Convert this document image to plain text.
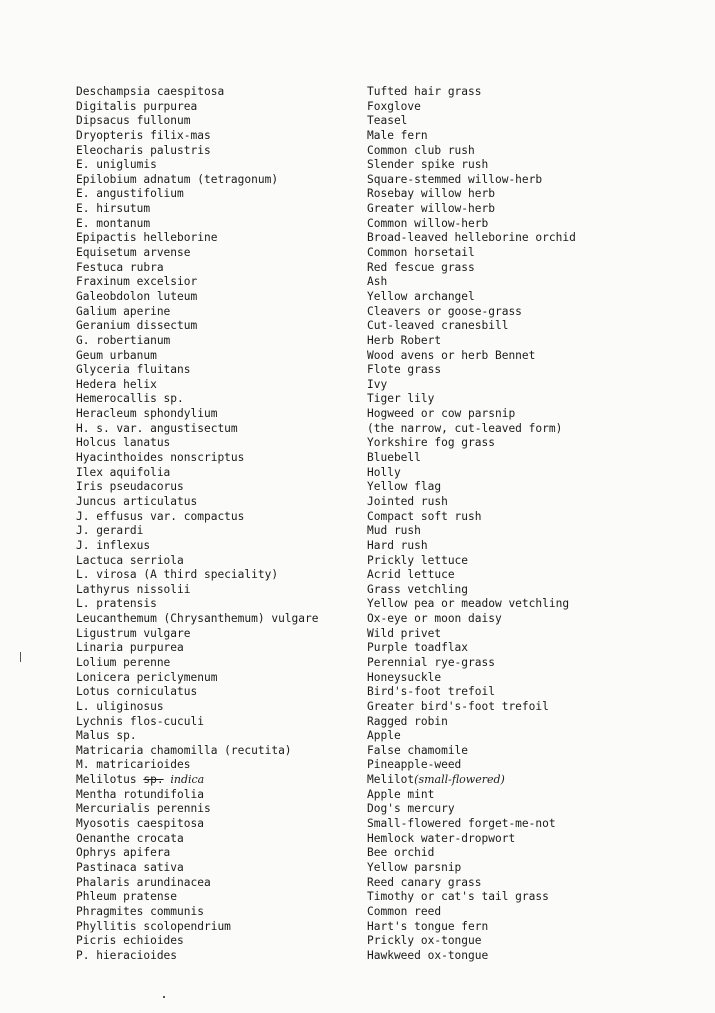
Deschampsia caespitosa
Digitalis purpurea
Dipsacus fullonum
Dryopteris filix-mas
Eleocharis palustris
E. uniglumis
Epilobium adnatum (tetragonum)
E. angustifolium
E. hirsutum
E. montanum
Epipactis helleborine
Equisetum arvense
Festuca rubra
Fraxinum excelsior
Galeobdolon luteum
Galium aperine
Geranium dissectum
G. robertianum
Geum urbanum
Glyceria fluitans
Hedera helix
Hemerocallis sp.
Heracleum sphondylium
H. s. var. angustisectum
Holcus lanatus
Hyacinthoides nonscriptus
Ilex aquifolia
Iris pseudacorus
Juncus articulatus
J. effusus var. compactus
J. gerardi
J. inflexus
Lactuca serriola
L. virosa (A third speciality)
Lathyrus nissolii
L. pratensis
Leucanthemum (Chrysanthemum) vulgare
Ligustrum vulgare
Linaria purpurea
Lolium perenne
Lonicera periclymenum
Lotus corniculatus
L. uliginosus
Lychnis flos-cuculi
Malus sp.
Matricaria chamomilla (recutita)
M. matricarioides
Melilotus sp. indica
Mentha rotundifolia
Mercurialis perennis
Myosotis caespitosa
Oenanthe crocata
Ophrys apifera
Pastinaca sativa
Phalaris arundinacea
Phleum pratense
Phragmites communis
Phyllitis scolopendrium
Picris echioides
P. hieracioides
Tufted hair grass
Foxglove
Teasel
Male fern
Common club rush
Slender spike rush
Square-stemmed willow-herb
Rosebay willow herb
Greater willow-herb
Common willow-herb
Broad-leaved helleborine orchid
Common horsetail
Red fescue grass
Ash
Yellow archangel
Cleavers or goose-grass
Cut-leaved cranesbill
Herb Robert
Wood avens or herb Bennet
Flote grass
Ivy
Tiger lily
Hogweed or cow parsnip
(the narrow, cut-leaved form)
Yorkshire fog grass
Bluebell
Holly
Yellow flag
Jointed rush
Compact soft rush
Mud rush
Hard rush
Prickly lettuce
Acrid lettuce
Grass vetchling
Yellow pea or meadow vetchling
Ox-eye or moon daisy
Wild privet
Purple toadflax
Perennial rye-grass
Honeysuckle
Bird's-foot trefoil
Greater bird's-foot trefoil
Ragged robin
Apple
False chamomile
Pineapple-weed
Melilot(small-flowered)
Apple mint
Dog's mercury
Small-flowered forget-me-not
Hemlock water-dropwort
Bee orchid
Yellow parsnip
Reed canary grass
Timothy or cat's tail grass
Common reed
Hart's tongue fern
Prickly ox-tongue
Hawkweed ox-tongue
